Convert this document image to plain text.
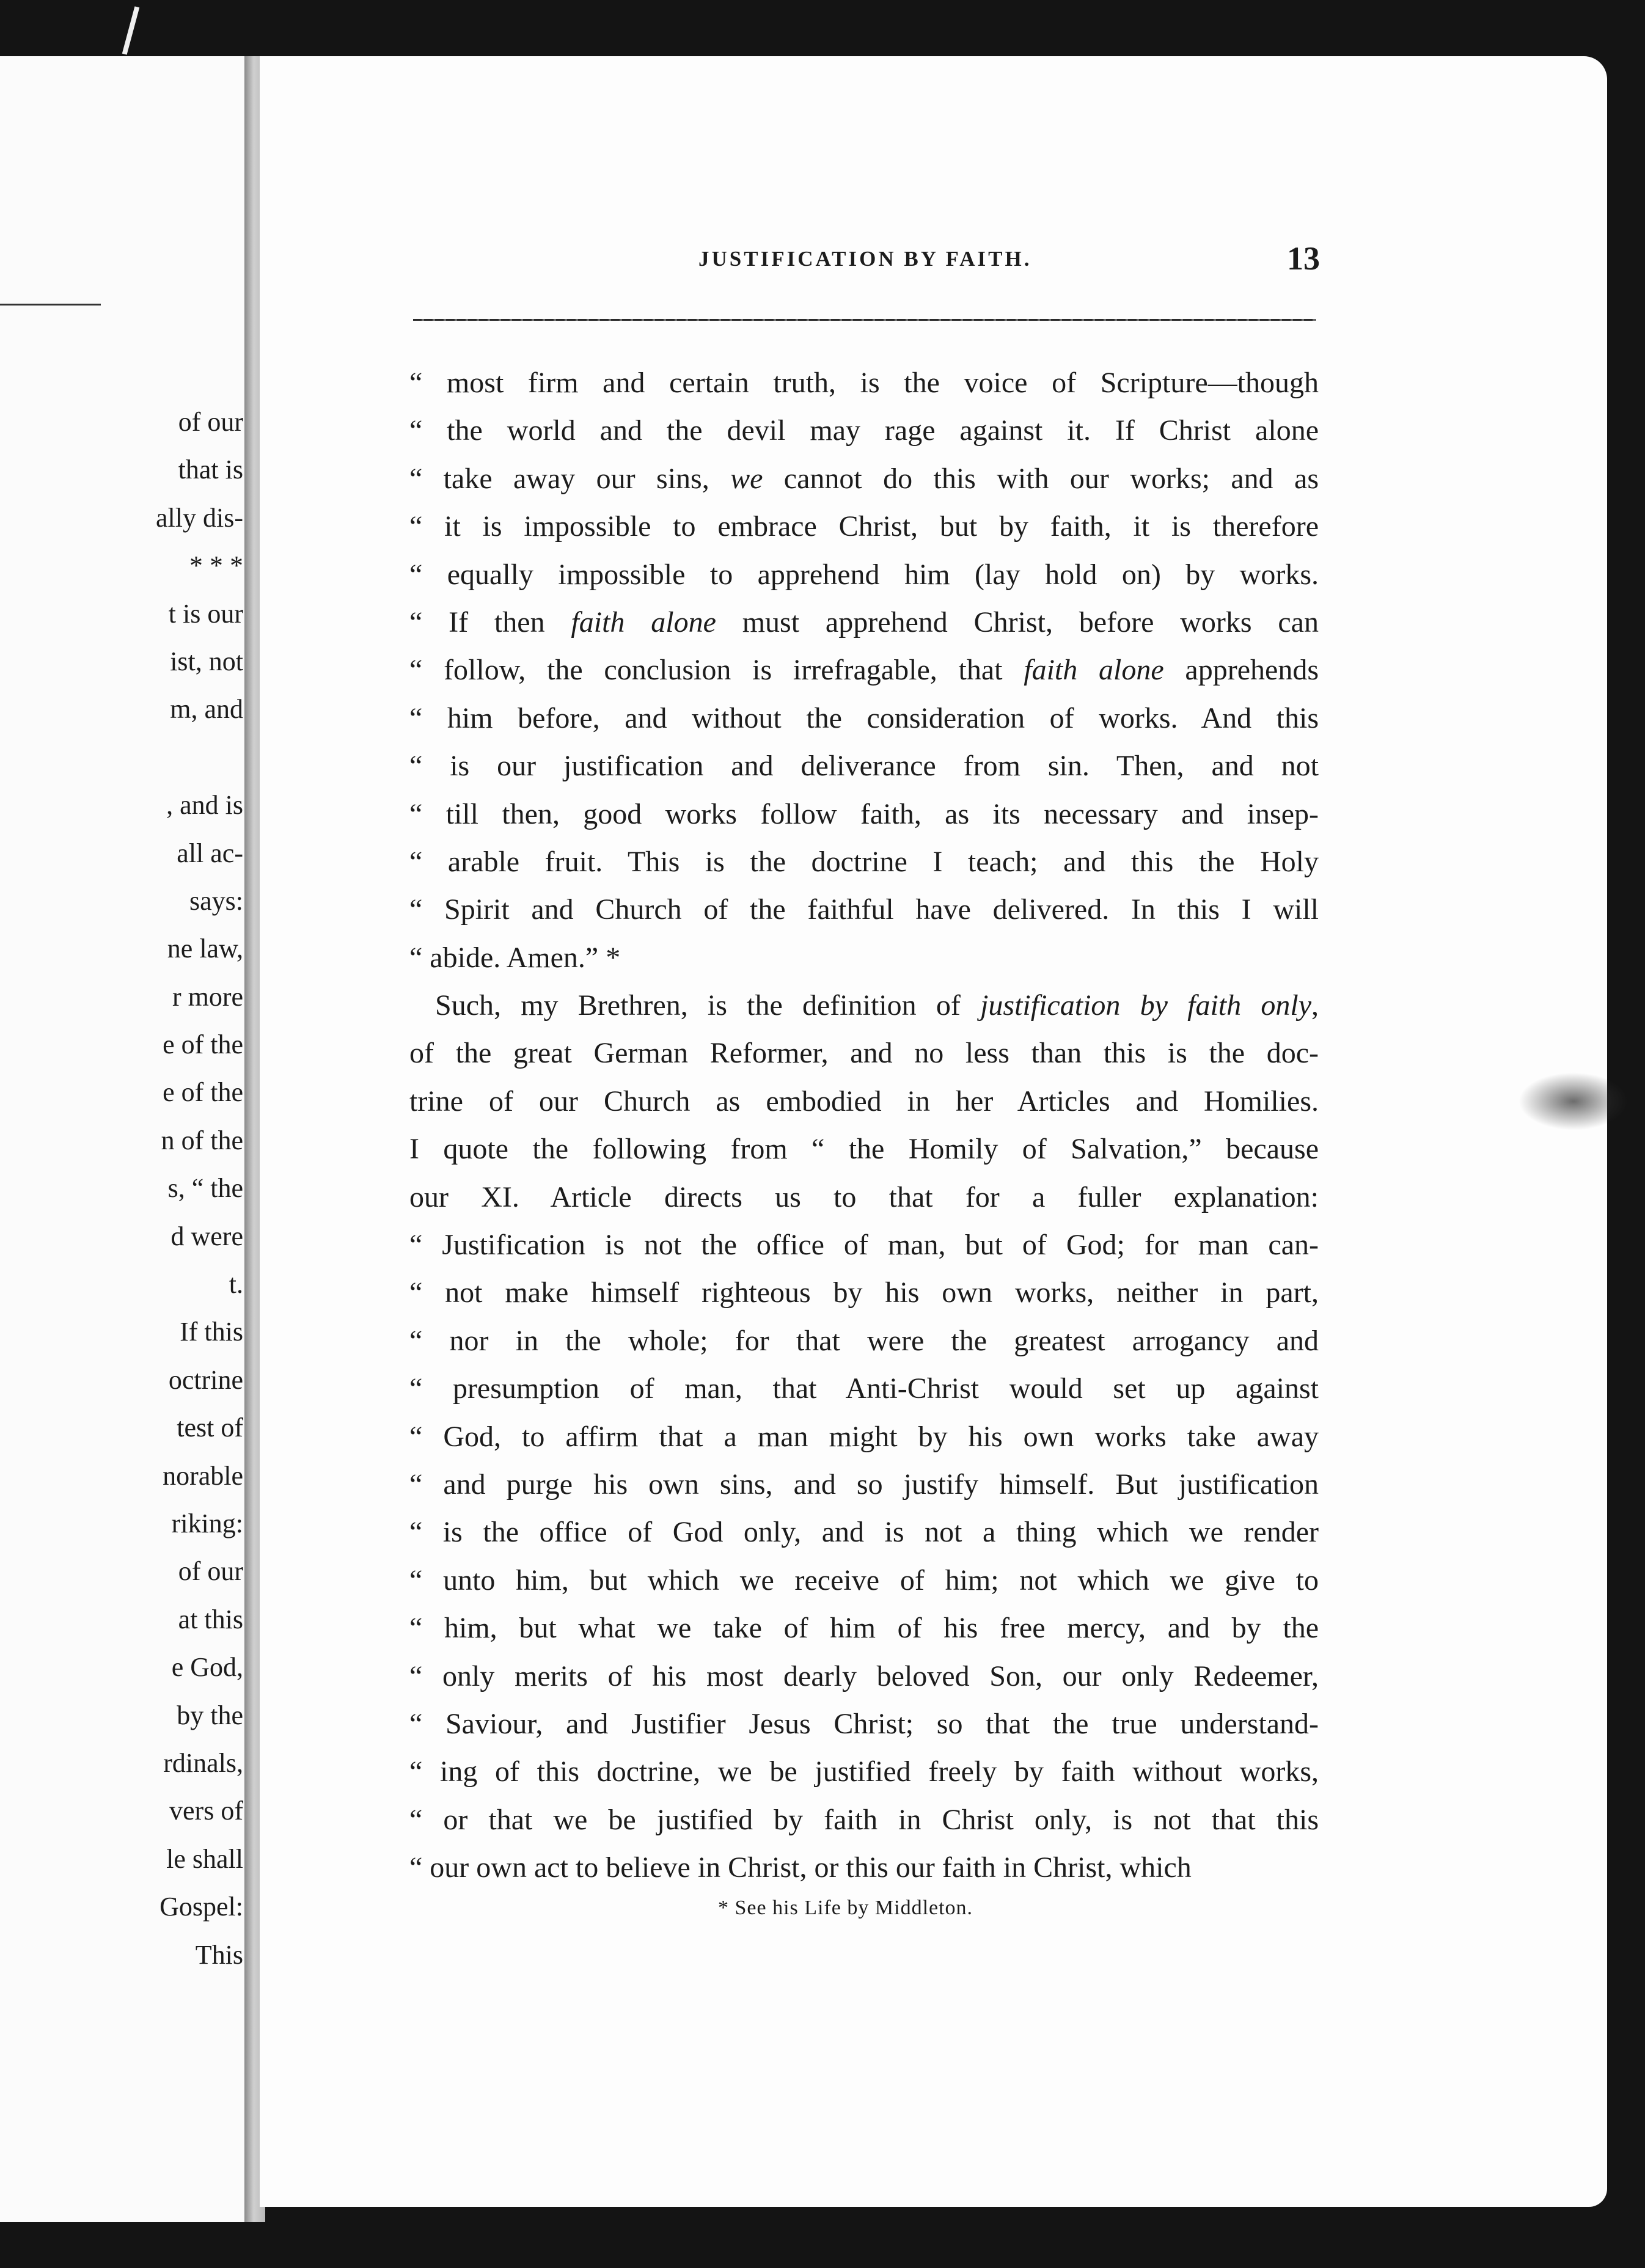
of our
that is
ally dis-
* * *
t is our
ist, not
m, and
, and is
all ac-
says:
ne law,
r more
e of the
e of the
n of the
s, “ the
d were
t.
If this
octrine
test of
norable
riking:
of our
at this
e God,
by the
rdinals,
vers of
le shall
Gospel:
This
JUSTIFICATION BY FAITH.	13
“ most firm and certain truth, is the voice of Scripture—though
“ the world and the devil may rage against it. If Christ alone
“ take away our sins, we cannot do this with our works; and as
“ it is impossible to embrace Christ, but by faith, it is therefore
“ equally impossible to apprehend him (lay hold on) by works.
“ If then faith alone must apprehend Christ, before works can
“ follow, the conclusion is irrefragable, that faith alone apprehends
“ him before, and without the consideration of works. And this
“ is our justification and deliverance from sin. Then, and not
“ till then, good works follow faith, as its necessary and insep-
“ arable fruit. This is the doctrine I teach; and this the Holy
“ Spirit and Church of the faithful have delivered. In this I will
“ abide. Amen.” *
Such, my Brethren, is the definition of justification by faith only,
of the great German Reformer, and no less than this is the doc-
trine of our Church as embodied in her Articles and Homilies.
I quote the following from “ the Homily of Salvation,” because
our XI. Article directs us to that for a fuller explanation:
“ Justification is not the office of man, but of God; for man can-
“ not make himself righteous by his own works, neither in part,
“ nor in the whole; for that were the greatest arrogancy and
“ presumption of man, that Anti-Christ would set up against
“ God, to affirm that a man might by his own works take away
“ and purge his own sins, and so justify himself. But justification
“ is the office of God only, and is not a thing which we render
“ unto him, but which we receive of him; not which we give to
“ him, but what we take of him of his free mercy, and by the
“ only merits of his most dearly beloved Son, our only Redeemer,
“ Saviour, and Justifier Jesus Christ; so that the true understand-
“ ing of this doctrine, we be justified freely by faith without works,
“ or that we be justified by faith in Christ only, is not that this
“ our own act to believe in Christ, or this our faith in Christ, which
* See his Life by Middleton.
